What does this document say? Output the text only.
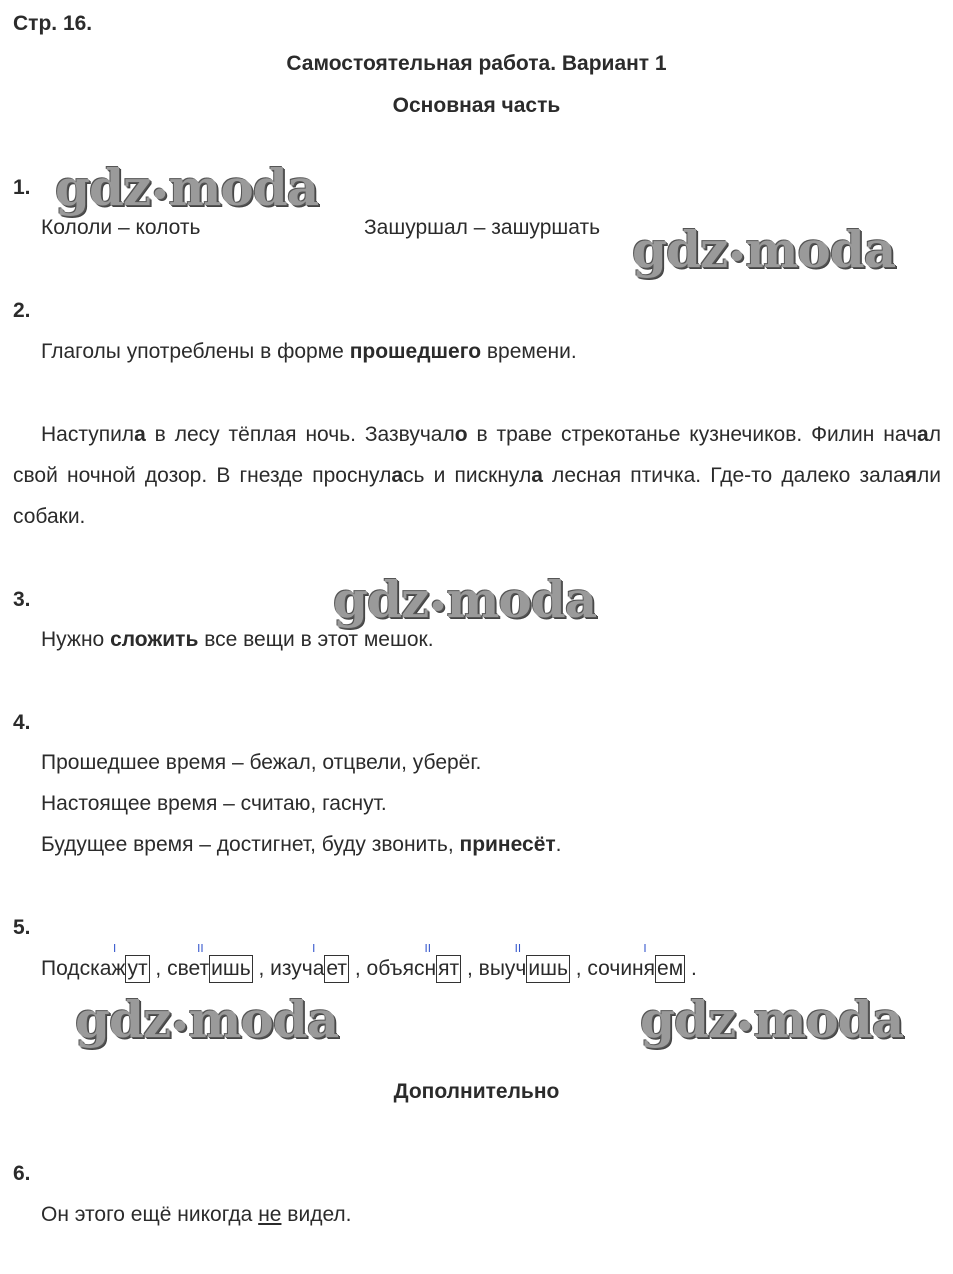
Стр. 16.
Самостоятельная работа. Вариант 1
Основная часть
gdz•moda
gdz•moda
gdz•moda
gdz•moda	gdz•moda
1.
Кололи – колоть	Зашуршал – зашуршать
2.
Глаголы употреблены в форме прошедшего времени.
Наступила в лесу тёплая ночь. Зазвучало в траве стрекотанье кузнечиков. Филин начал свой ночной дозор. В гнезде проснулась и пискнула лесная птичка. Где-то далеко залаяли собаки.
3.
Нужно сложить все вещи в этот мешок.
4.
Прошедшее время – бежал, отцвели, уберёг.
Настоящее время – считаю, гаснут.
Будущее время – достигнет, буду звонить, принесёт.
5.
Подскажут
I
, светишь
II
, изучает
I
, объяснят
II
, выучишь
II
, сочиняем
I
.
Дополнительно
6.
Он этого ещё никогда не видел.
